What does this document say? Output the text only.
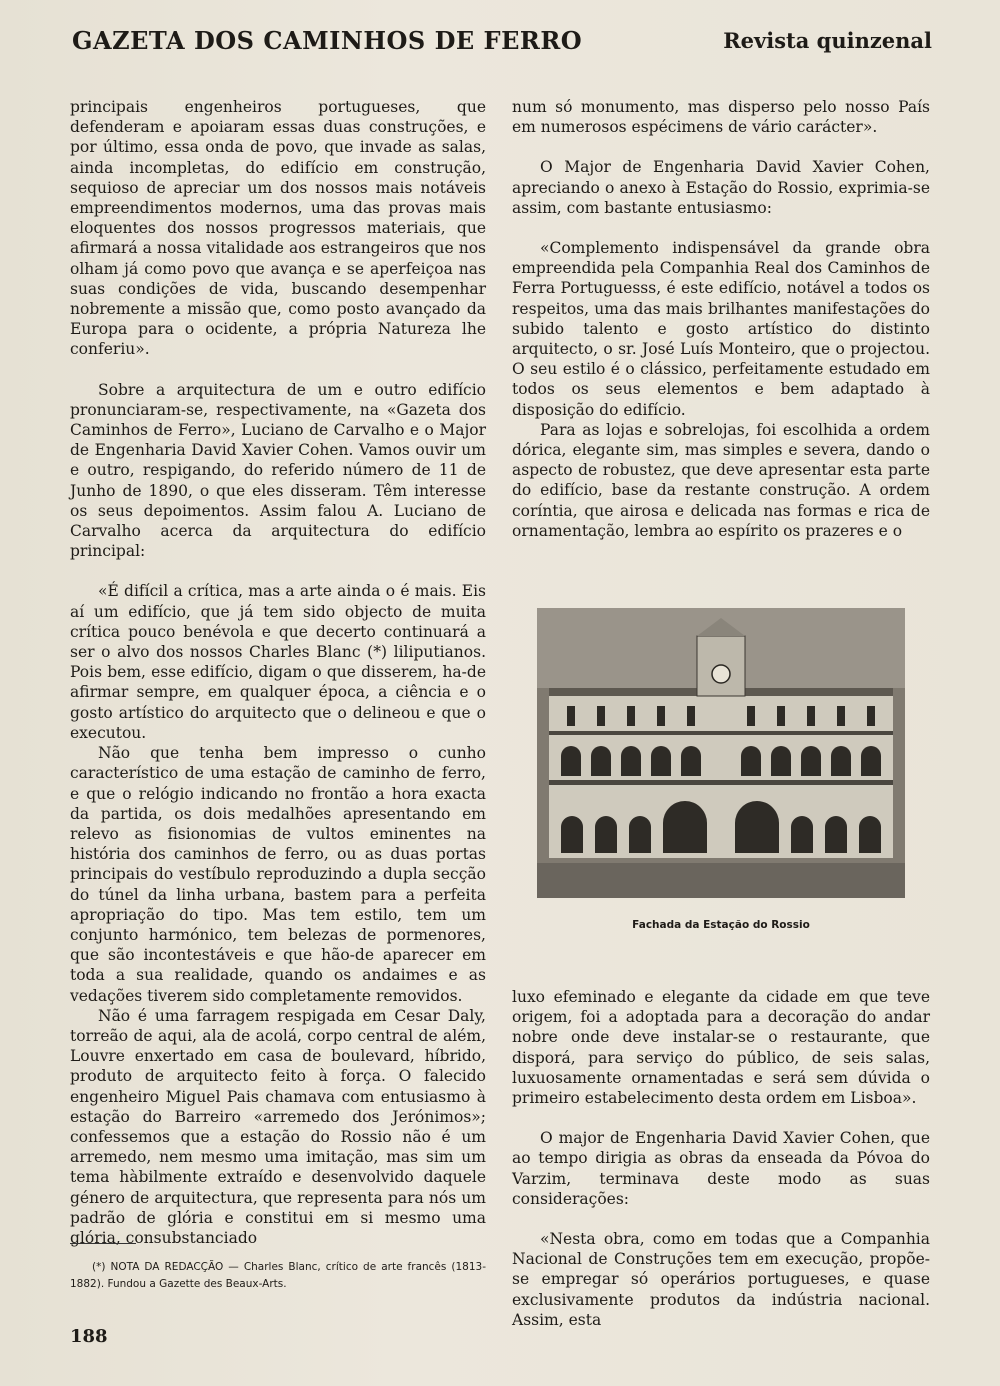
GAZETA DOS CAMINHOS DE FERRO	Revista quinzenal

principais engenheiros portugueses, que defenderam e apoiaram essas duas construções, e por último, essa onda de povo, que invade as salas, ainda incompletas, do edifício em construção, sequioso de apreciar um dos nossos mais notáveis empreendimentos modernos, uma das provas mais eloquentes dos nossos progressos materiais, que afirmará a nossa vitalidade aos estrangeiros que nos olham já como povo que avança e se aperfeiçoa nas suas condições de vida, buscando desempenhar nobremente a missão que, como posto avançado da Europa para o ocidente, a própria Natureza lhe conferiu».

Sobre a arquitectura de um e outro edifício pronunciaram-se, respectivamente, na «Gazeta dos Caminhos de Ferro», Luciano de Carvalho e o Major de Engenharia David Xavier Cohen. Vamos ouvir um e outro, respigando, do referido número de 11 de Junho de 1890, o que eles disseram. Têm interesse os seus depoimentos. Assim falou A. Luciano de Carvalho acerca da arquitectura do edifício principal:

«É difícil a crítica, mas a arte ainda o é mais. Eis aí um edifício, que já tem sido objecto de muita crítica pouco benévola e que decerto continuará a ser o alvo dos nossos Charles Blanc (*) liliputianos. Pois bem, esse edifício, digam o que disserem, ha-de afirmar sempre, em qualquer época, a ciência e o gosto artístico do arquitecto que o delineou e que o executou.

Não que tenha bem impresso o cunho característico de uma estação de caminho de ferro, e que o relógio indicando no frontão a hora exacta da partida, os dois medalhões apresentando em relevo as fisionomias de vultos eminentes na história dos caminhos de ferro, ou as duas portas principais do vestíbulo reproduzindo a dupla secção do túnel da linha urbana, bastem para a perfeita apropriação do tipo. Mas tem estilo, tem um conjunto harmónico, tem belezas de pormenores, que são incontestáveis e que hão-de aparecer em toda a sua realidade, quando os andaimes e as vedações tiverem sido completamente removidos.

Não é uma farragem respigada em Cesar Daly, torreão de aqui, ala de acolá, corpo central de além, Louvre enxertado em casa de boulevard, híbrido, produto de arquitecto feito à força. O falecido engenheiro Miguel Pais chamava com entusiasmo à estação do Barreiro «arremedo dos Jerónimos»; confessemos que a estação do Rossio não é um arremedo, nem mesmo uma imitação, mas sim um tema hàbilmente extraído e desenvolvido daquele género de arquitectura, que representa para nós um padrão de glória e constitui em si mesmo uma glória, consubstanciado

num só monumento, mas disperso pelo nosso País em numerosos espécimens de vário carácter».

O Major de Engenharia David Xavier Cohen, apreciando o anexo à Estação do Rossio, exprimia-se assim, com bastante entusiasmo:

«Complemento indispensável da grande obra empreendida pela Companhia Real dos Caminhos de Ferra Portuguesss, é este edifício, notável a todos os respeitos, uma das mais brilhantes manifestações do subido talento e gosto artístico do distinto arquitecto, o sr. José Luís Monteiro, que o projectou. O seu estilo é o clássico, perfeitamente estudado em todos os seus elementos e bem adaptado à disposição do edifício.

Para as lojas e sobrelojas, foi escolhida a ordem dórica, elegante sim, mas simples e severa, dando o aspecto de robustez, que deve apresentar esta parte do edifício, base da restante construção. A ordem coríntia, que airosa e delicada nas formas e rica de ornamentação, lembra ao espírito os prazeres e o

Fachada da Estação do Rossio

luxo efeminado e elegante da cidade em que teve origem, foi a adoptada para a decoração do andar nobre onde deve instalar-se o restaurante, que disporá, para serviço do público, de seis salas, luxuosamente ornamentadas e será sem dúvida o primeiro estabelecimento desta ordem em Lisboa».

O major de Engenharia David Xavier Cohen, que ao tempo dirigia as obras da enseada da Póvoa do Varzim, terminava deste modo as suas considerações:

«Nesta obra, como em todas que a Companhia Nacional de Construções tem em execução, propõe-se empregar só operários portugueses, e quase exclusivamente produtos da indústria nacional. Assim, esta

(*) NOTA DA REDACÇÃO — Charles Blanc, crítico de arte francês (1813-1882). Fundou a Gazette des Beaux-Arts.
188
